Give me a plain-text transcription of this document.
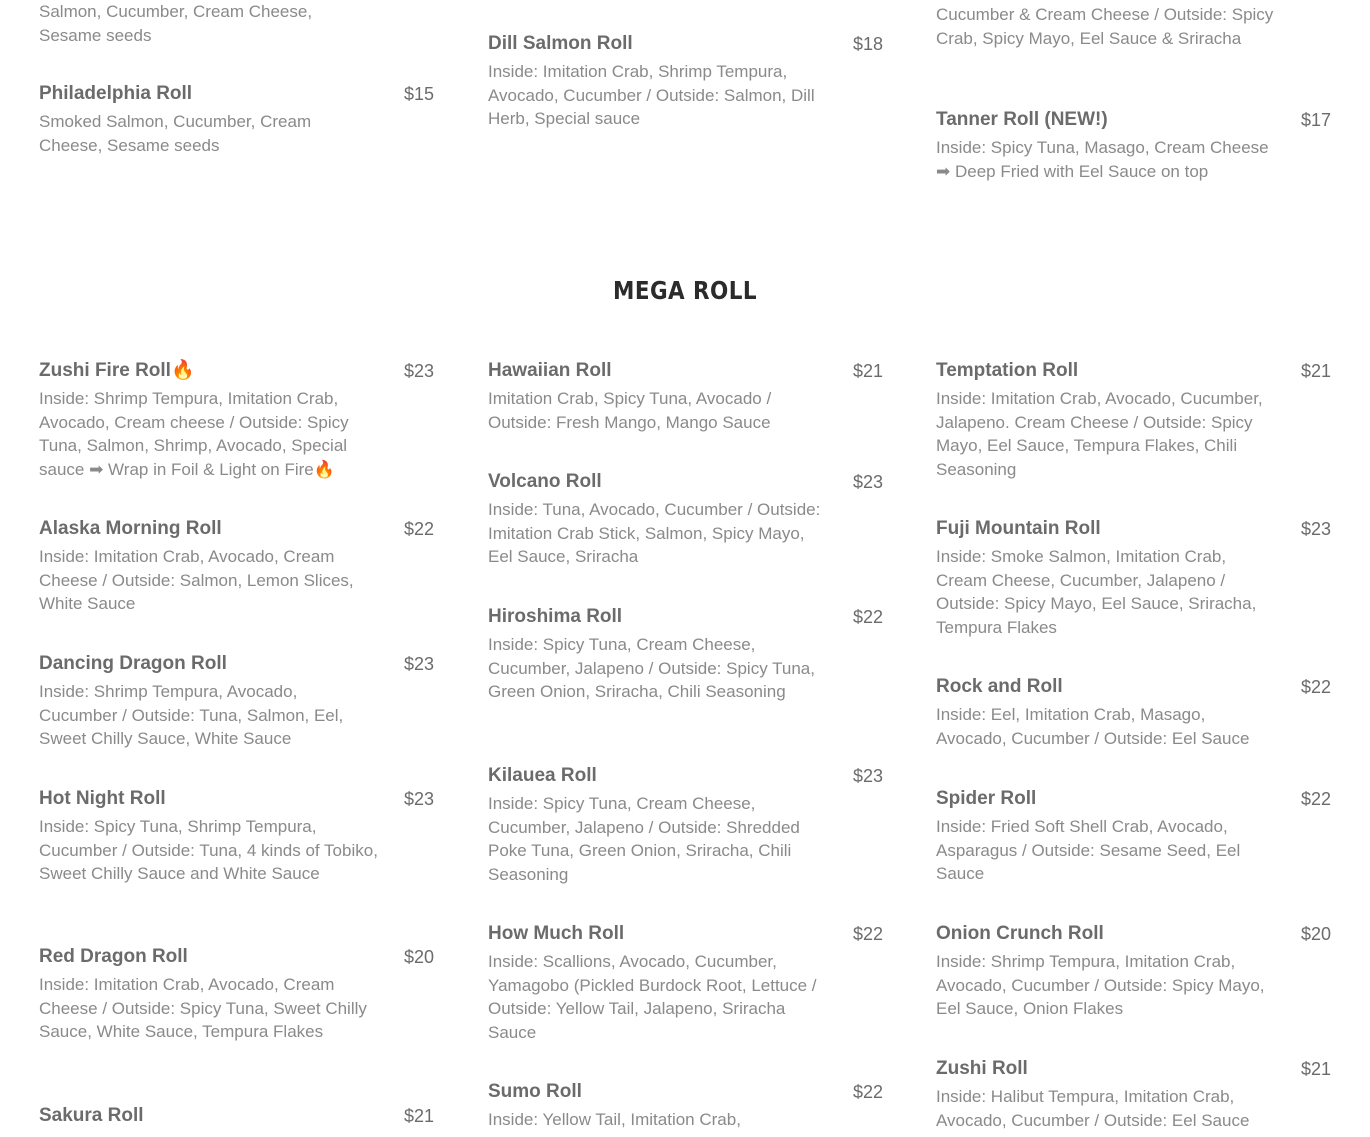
Salmon, Cucumber, Cream Cheese, Sesame seeds
Philadelphia Roll	$15
Smoked Salmon, Cucumber, Cream Cheese, Sesame seeds
Dill Salmon Roll	$18
Inside: Imitation Crab, Shrimp Tempura, Avocado, Cucumber / Outside: Salmon, Dill Herb, Special sauce
Cucumber & Cream Cheese / Outside: Spicy Crab, Spicy Mayo, Eel Sauce & Sriracha
Tanner Roll (NEW!)	$17
Inside: Spicy Tuna, Masago, Cream Cheese ➡ Deep Fried with Eel Sauce on top
MEGA ROLL
Zushi Fire Roll🔥	$23
Inside: Shrimp Tempura, Imitation Crab, Avocado, Cream cheese / Outside: Spicy Tuna, Salmon, Shrimp, Avocado, Special sauce ➡ Wrap in Foil & Light on Fire🔥
Alaska Morning Roll	$22
Inside: Imitation Crab, Avocado, Cream Cheese / Outside: Salmon, Lemon Slices, White Sauce
Dancing Dragon Roll	$23
Inside: Shrimp Tempura, Avocado, Cucumber / Outside: Tuna, Salmon, Eel, Sweet Chilly Sauce, White Sauce
Hot Night Roll	$23
Inside: Spicy Tuna, Shrimp Tempura, Cucumber / Outside: Tuna, 4 kinds of Tobiko, Sweet Chilly Sauce and White Sauce
Red Dragon Roll	$20
Inside: Imitation Crab, Avocado, Cream Cheese / Outside: Spicy Tuna, Sweet Chilly Sauce, White Sauce, Tempura Flakes
Sakura Roll	$21
Hawaiian Roll	$21
Imitation Crab, Spicy Tuna, Avocado / Outside: Fresh Mango, Mango Sauce
Volcano Roll	$23
Inside: Tuna, Avocado, Cucumber / Outside: Imitation Crab Stick, Salmon, Spicy Mayo, Eel Sauce, Sriracha
Hiroshima Roll	$22
Inside: Spicy Tuna, Cream Cheese, Cucumber, Jalapeno / Outside: Spicy Tuna, Green Onion, Sriracha, Chili Seasoning
Kilauea Roll	$23
Inside: Spicy Tuna, Cream Cheese, Cucumber, Jalapeno / Outside: Shredded Poke Tuna, Green Onion, Sriracha, Chili Seasoning
How Much Roll	$22
Inside: Scallions, Avocado, Cucumber, Yamagobo (Pickled Burdock Root, Lettuce / Outside: Yellow Tail, Jalapeno, Sriracha Sauce
Sumo Roll	$22
Inside: Yellow Tail, Imitation Crab,
Temptation Roll	$21
Inside: Imitation Crab, Avocado, Cucumber, Jalapeno. Cream Cheese / Outside: Spicy Mayo, Eel Sauce, Tempura Flakes, Chili Seasoning
Fuji Mountain Roll	$23
Inside: Smoke Salmon, Imitation Crab, Cream Cheese, Cucumber, Jalapeno / Outside: Spicy Mayo, Eel Sauce, Sriracha, Tempura Flakes
Rock and Roll	$22
Inside: Eel, Imitation Crab, Masago, Avocado, Cucumber / Outside: Eel Sauce
Spider Roll	$22
Inside: Fried Soft Shell Crab, Avocado, Asparagus / Outside: Sesame Seed, Eel Sauce
Onion Crunch Roll	$20
Inside: Shrimp Tempura, Imitation Crab, Avocado, Cucumber / Outside: Spicy Mayo, Eel Sauce, Onion Flakes
Zushi Roll	$21
Inside: Halibut Tempura, Imitation Crab, Avocado, Cucumber / Outside: Eel Sauce
